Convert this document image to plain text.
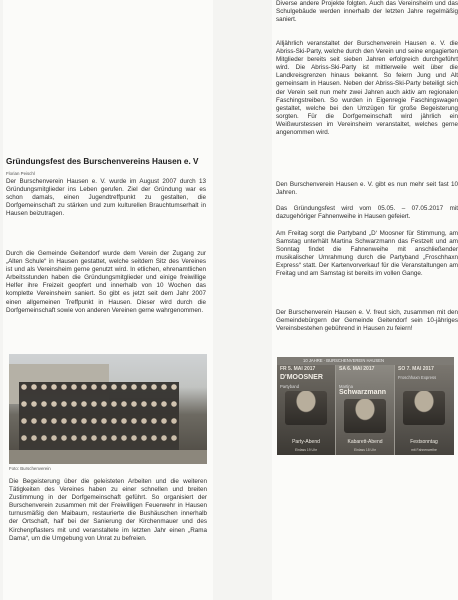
Gründungsfest des Burschenvereins Hausen e. V
Florian Peischl

Der Burschenverein Hausen e. V. wurde im August 2007 durch 13 Gründungsmitglieder ins Leben gerufen. Ziel der Gründung war es schon damals, einen Jugendtreffpunkt zu gestalten, die Dorfgemeinschaft zu stärken und zum kulturellen Brauchtumserhalt in Hausen beizutragen.

Durch die Gemeinde Geitendorf wurde dem Verein der Zugang zur „Alten Schule“ in Hausen gestattet, welche seitdem Sitz des Vereines ist und als Vereinsheim gerne genutzt wird. In etlichen, ehrenamtlichen Arbeitsstunden haben die Gründungsmitglieder und einige freiwillige Helfer ihre Freizeit geopfert und innerhalb von 10 Wochen das komplette Vereinsheim saniert. So gibt es jetzt seit dem Jahr 2007 einen allgemeinen Treffpunkt in Hausen. Dieser wird durch die Dorfgemeinschaft sowie von anderen Vereinen gerne wahrgenommen.

Foto: Burschenverein

Die Begeisterung über die geleisteten Arbeiten und die weiteren Tätigkeiten des Vereines haben zu einer schnellen und breiten Zustimmung in der Dorfgemeinschaft geführt. So organisiert der Burschenverein zusammen mit der Freiwilligen Feuerwehr in Hausen turnusmäßig den Maibaum, restaurierte die Bushäuschen innerhalb der Ortschaft, half bei der Sanierung der Kirchenmauer und des Kirchenpflasters mit und veranstaltete im letzten Jahr einen „Rama Dama“, um die Umgebung von Unrat zu befreien.

Diverse andere Projekte folgten. Auch das Vereinsheim und das Schulgebäude werden innerhalb der letzten Jahre regelmäßig saniert.

Alljährlich veranstaltet der Burschenverein Hausen e. V. die Abriss-Ski-Party, welche durch den Verein und seine engagierten Mitglieder bereits seit sieben Jahren erfolgreich durchgeführt wird. Die Abriss-Ski-Party ist mittlerweile weit über die Landkreisgrenzen hinaus bekannt. So feiern Jung und Alt gemeinsam in Hausen. Neben der Abriss-Ski-Party beteiligt sich der Verein seit nun mehr zwei Jahren auch aktiv am regionalen Faschingstreiben. So wurden in Eigenregie Faschingswagen gestaltet, welche bei den Umzügen für große Begeisterung sorgten. Für die Dorfgemeinschaft wird jährlich ein Weißwurstessen im Vereinsheim veranstaltet, welches gerne angenommen wird.

Den Burschenverein Hausen e. V. gibt es nun mehr seit fast 10 Jahren.

Das Gründungsfest wird vom 05.05. – 07.05.2017 mit dazugehöriger Fahnenweihe in Hausen gefeiert.

Am Freitag sorgt die Partyband „D‘ Moosner für Stimmung, am Samstag unterhält Martina Schwarzmann das Festzelt und am Sonntag findet die Fahnenweihe mit anschließender musikalischer Umrahmung durch die Partyband „Froschhaxn Express“ statt. Der Kartenvorverkauf für die Veranstaltungen am Freitag und am Samstag ist bereits im vollen Gange.

Der Burschenverein Hausen e. V. freut sich, zusammen mit den Gemeindebürgern der Gemeinde Geitendorf sein 10-jähriges Vereinsbestehen gebührend in Hausen zu feiern!

10 JAHRE · BURSCHENVEREIN HAUSEN
FR 5. MAI 2017
D'MOOSNER
Partyband
Party-Abend
Einlass 19 Uhr
SA 6. MAI 2017
Martina
Schwarzmann
Kabarett-Abend
Einlass 18 Uhr
SO 7. MAI 2017
Froschhaxn Express
Festsonntag
mit Fahnenweihe
